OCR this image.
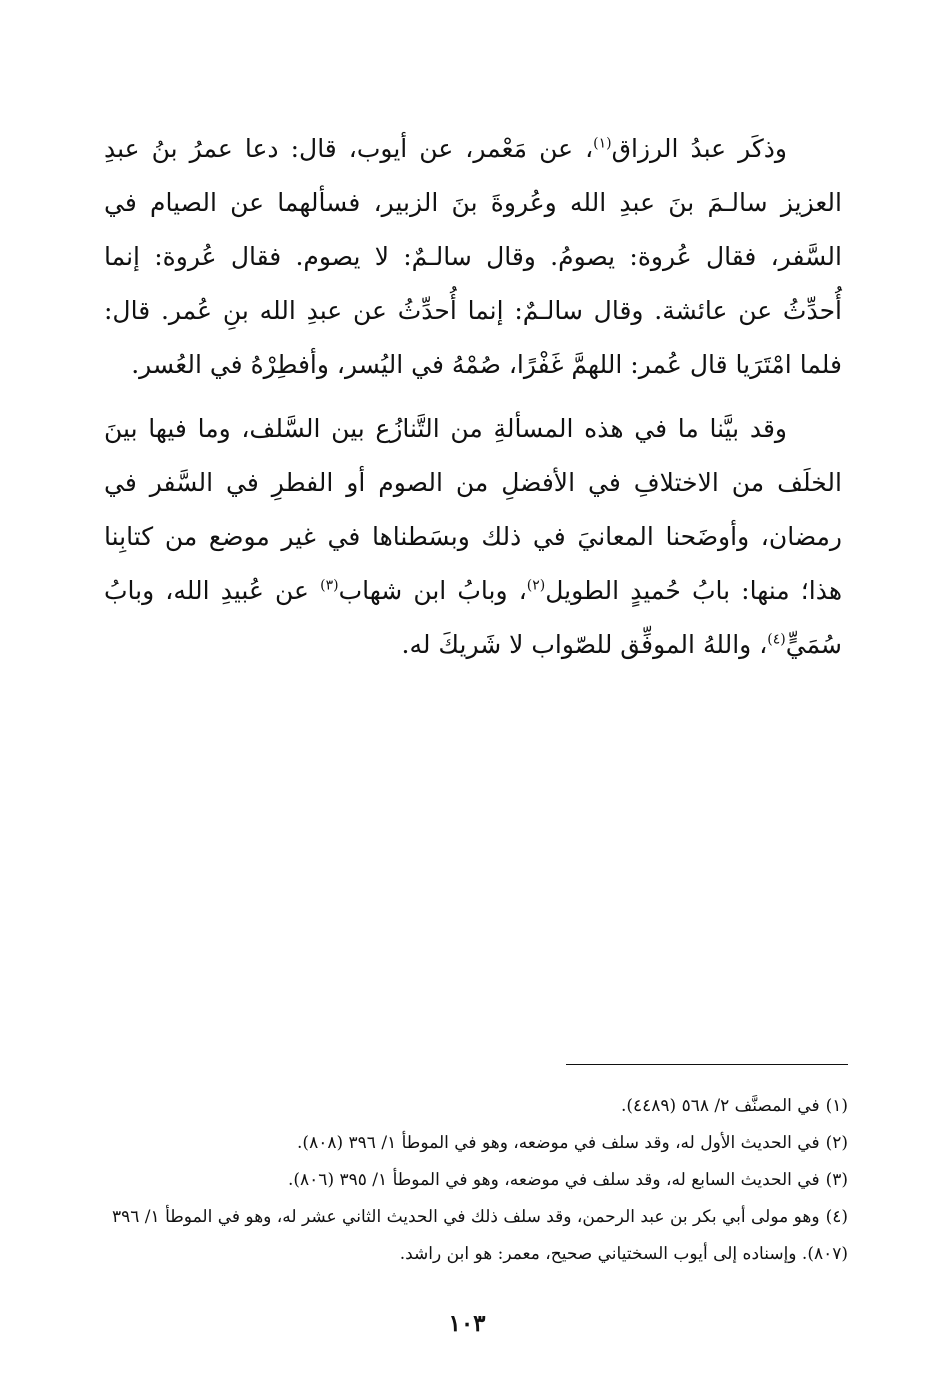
وذكَر عبدُ الرزاق$^{(١)}$، عن مَعْمر، عن أيوب، قال: دعا عمرُ بنُ عبدِ العزيز سالـمَ بنَ عبدِ الله وعُروةَ بنَ الزبير، فسألهما عن الصيام في السَّفر، فقال عُروة: يصومُ. وقال سالـمٌ: لا يصوم. فقال عُروة: إنما أُحدِّثُ عن عائشة. وقال سالـمٌ: إنما أُحدِّثُ عن عبدِ الله بنِ عُمر. قال: فلما امْتَرَيا قال عُمر: اللهمَّ غَفْرًا، صُمْهُ في اليُسر، وأفطِرْهُ في العُسر.

وقد بيَّنا ما في هذه المسألةِ من التَّنازُع بين السَّلف، وما فيها بينَ الخلَف من الاختلافِ في الأفضلِ من الصوم أو الفطرِ في السَّفر في رمضان، وأوضَحنا المعانيَ في ذلك وبسَطناها في غير موضع من كتابِنا هذا؛ منها: بابُ حُميدٍ الطويل$^{(٢)}$، وبابُ ابن شهاب$^{(٣)}$ عن عُبيدِ الله، وبابُ سُمَيٍّ$^{(٤)}$، واللهُ الموفِّق للصّواب لا شَريكَ له.

(١)في المصنَّف ٢/ ٥٦٨ (٤٤٨٩).

(٢)في الحديث الأول له، وقد سلف في موضعه، وهو في الموطأ ١/ ٣٩٦ (٨٠٨).

(٣)في الحديث السابع له، وقد سلف في موضعه، وهو في الموطأ ١/ ٣٩٥ (٨٠٦).

(٤)وهو مولى أبي بكر بن عبد الرحمن، وقد سلف ذلك في الحديث الثاني عشر له، وهو في الموطأ ١/ ٣٩٦ (٨٠٧). وإسناده إلى أيوب السختياني صحيح، معمر: هو ابن راشد.

١٠٣
